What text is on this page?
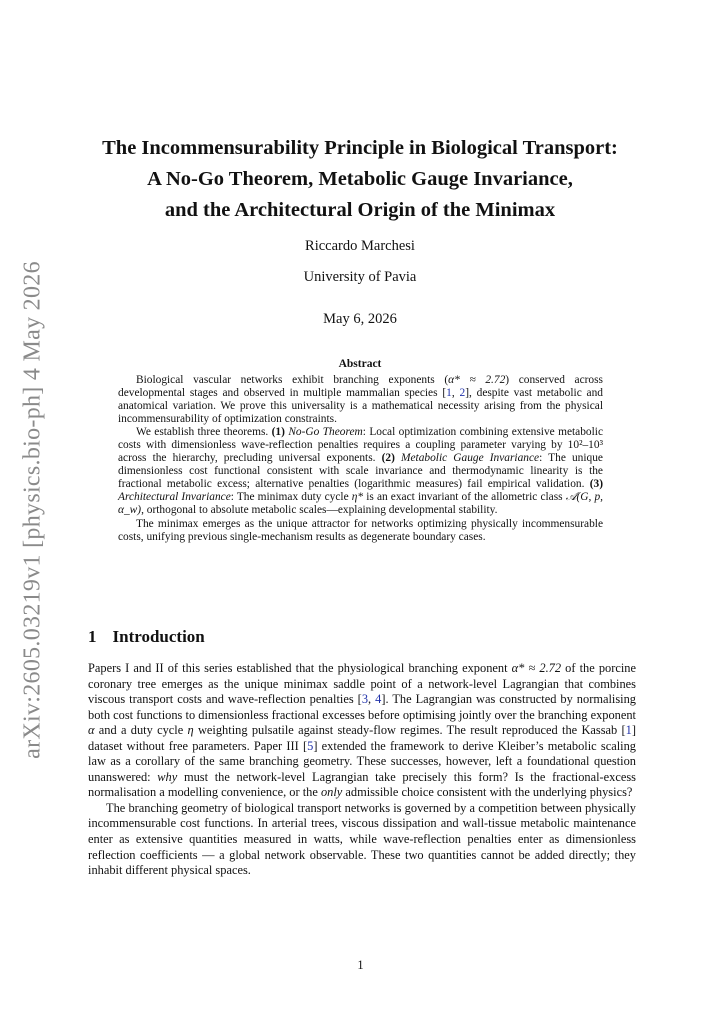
arXiv:2605.03219v1 [physics.bio-ph] 4 May 2026
The Incommensurability Principle in Biological Transport:
A No-Go Theorem, Metabolic Gauge Invariance,
and the Architectural Origin of the Minimax
Riccardo Marchesi
University of Pavia
May 6, 2026
Abstract

Biological vascular networks exhibit branching exponents (α* ≈ 2.72) conserved across developmental stages and observed in multiple mammalian species [1, 2], despite vast metabolic and anatomical variation. We prove this universality is a mathematical necessity arising from the physical incommensurability of optimization constraints.

We establish three theorems. (1) No-Go Theorem: Local optimization combining extensive metabolic costs with dimensionless wave-reflection penalties requires a coupling parameter varying by 10²–10³ across the hierarchy, precluding universal exponents. (2) Metabolic Gauge Invariance: The unique dimensionless cost functional consistent with scale invariance and thermodynamic linearity is the fractional metabolic excess; alternative penalties (logarithmic measures) fail empirical validation. (3) Architectural Invariance: The minimax duty cycle η* is an exact invariant of the allometric class 𝒜(G, p, α_w), orthogonal to absolute metabolic scales—explaining developmental stability.

The minimax emerges as the unique attractor for networks optimizing physically incommensurable costs, unifying previous single-mechanism results as degenerate boundary cases.

1 Introduction

Papers I and II of this series established that the physiological branching exponent α* ≈ 2.72 of the porcine coronary tree emerges as the unique minimax saddle point of a network-level Lagrangian that combines viscous transport costs and wave-reflection penalties [3, 4]. The Lagrangian was constructed by normalising both cost functions to dimensionless fractional excesses before optimising jointly over the branching exponent α and a duty cycle η weighting pulsatile against steady-flow regimes. The result reproduced the Kassab [1] dataset without free parameters. Paper III [5] extended the framework to derive Kleiber’s metabolic scaling law as a corollary of the same branching geometry. These successes, however, left a foundational question unanswered: why must the network-level Lagrangian take precisely this form? Is the fractional-excess normalisation a modelling convenience, or the only admissible choice consistent with the underlying physics?

The branching geometry of biological transport networks is governed by a competition between physically incommensurable cost functions. In arterial trees, viscous dissipation and wall-tissue metabolic maintenance enter as extensive quantities measured in watts, while wave-reflection penalties enter as dimensionless reflection coefficients — a global network observable. These two quantities cannot be added directly; they inhabit different physical spaces.

1
